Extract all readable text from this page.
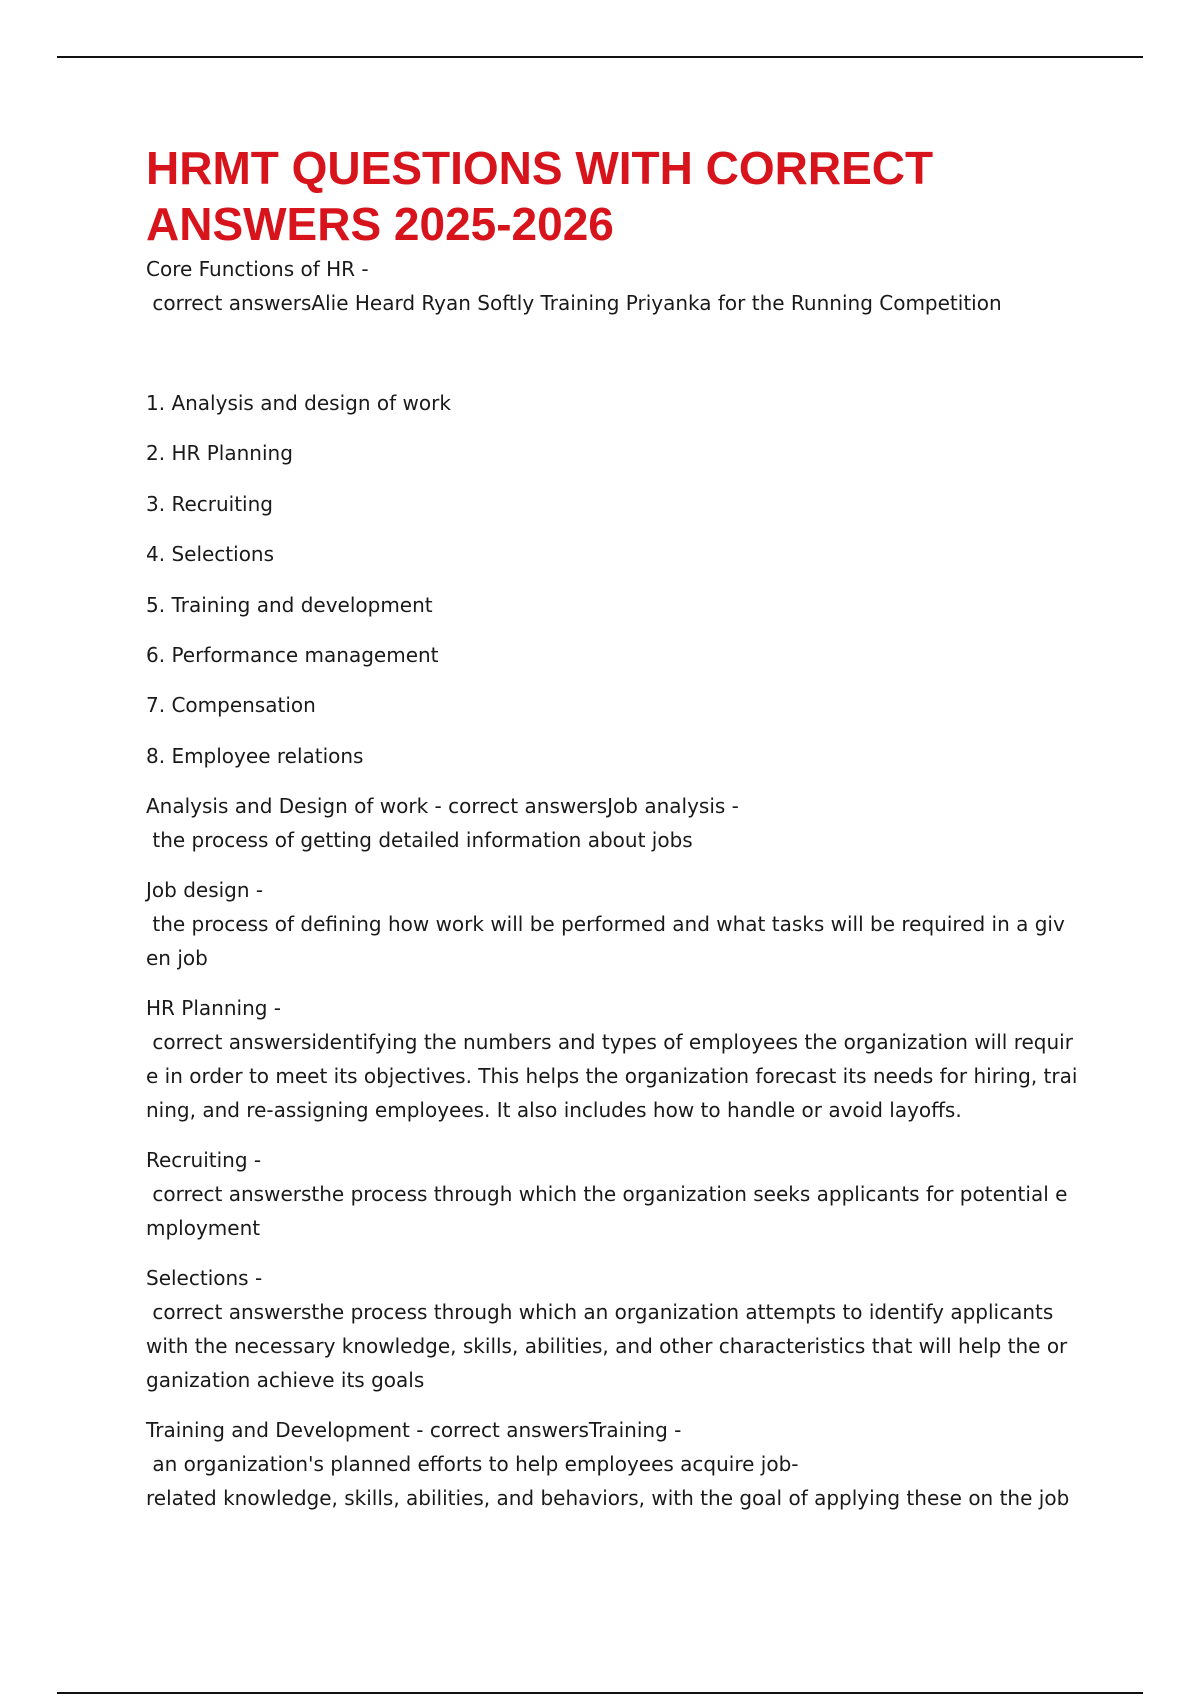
HRMT QUESTIONS WITH CORRECT
ANSWERS 2025-2026

Core Functions of HR -

correct answersAlie Heard Ryan Softly Training Priyanka for the Running Competition

1. Analysis and design of work

2. HR Planning

3. Recruiting

4. Selections

5. Training and development

6. Performance management

7. Compensation

8. Employee relations

Analysis and Design of work - correct answersJob analysis -

the process of getting detailed information about jobs

Job design -

the process of defining how work will be performed and what tasks will be required in a giv

en job

HR Planning -

correct answersidentifying the numbers and types of employees the organization will requir

e in order to meet its objectives. This helps the organization forecast its needs for hiring, trai

ning, and re-assigning employees. It also includes how to handle or avoid layoffs.

Recruiting -

correct answersthe process through which the organization seeks applicants for potential e

mployment

Selections -

correct answersthe process through which an organization attempts to identify applicants

with the necessary knowledge, skills, abilities, and other characteristics that will help the or

ganization achieve its goals

Training and Development - correct answersTraining -

an organization's planned efforts to help employees acquire job-

related knowledge, skills, abilities, and behaviors, with the goal of applying these on the job
